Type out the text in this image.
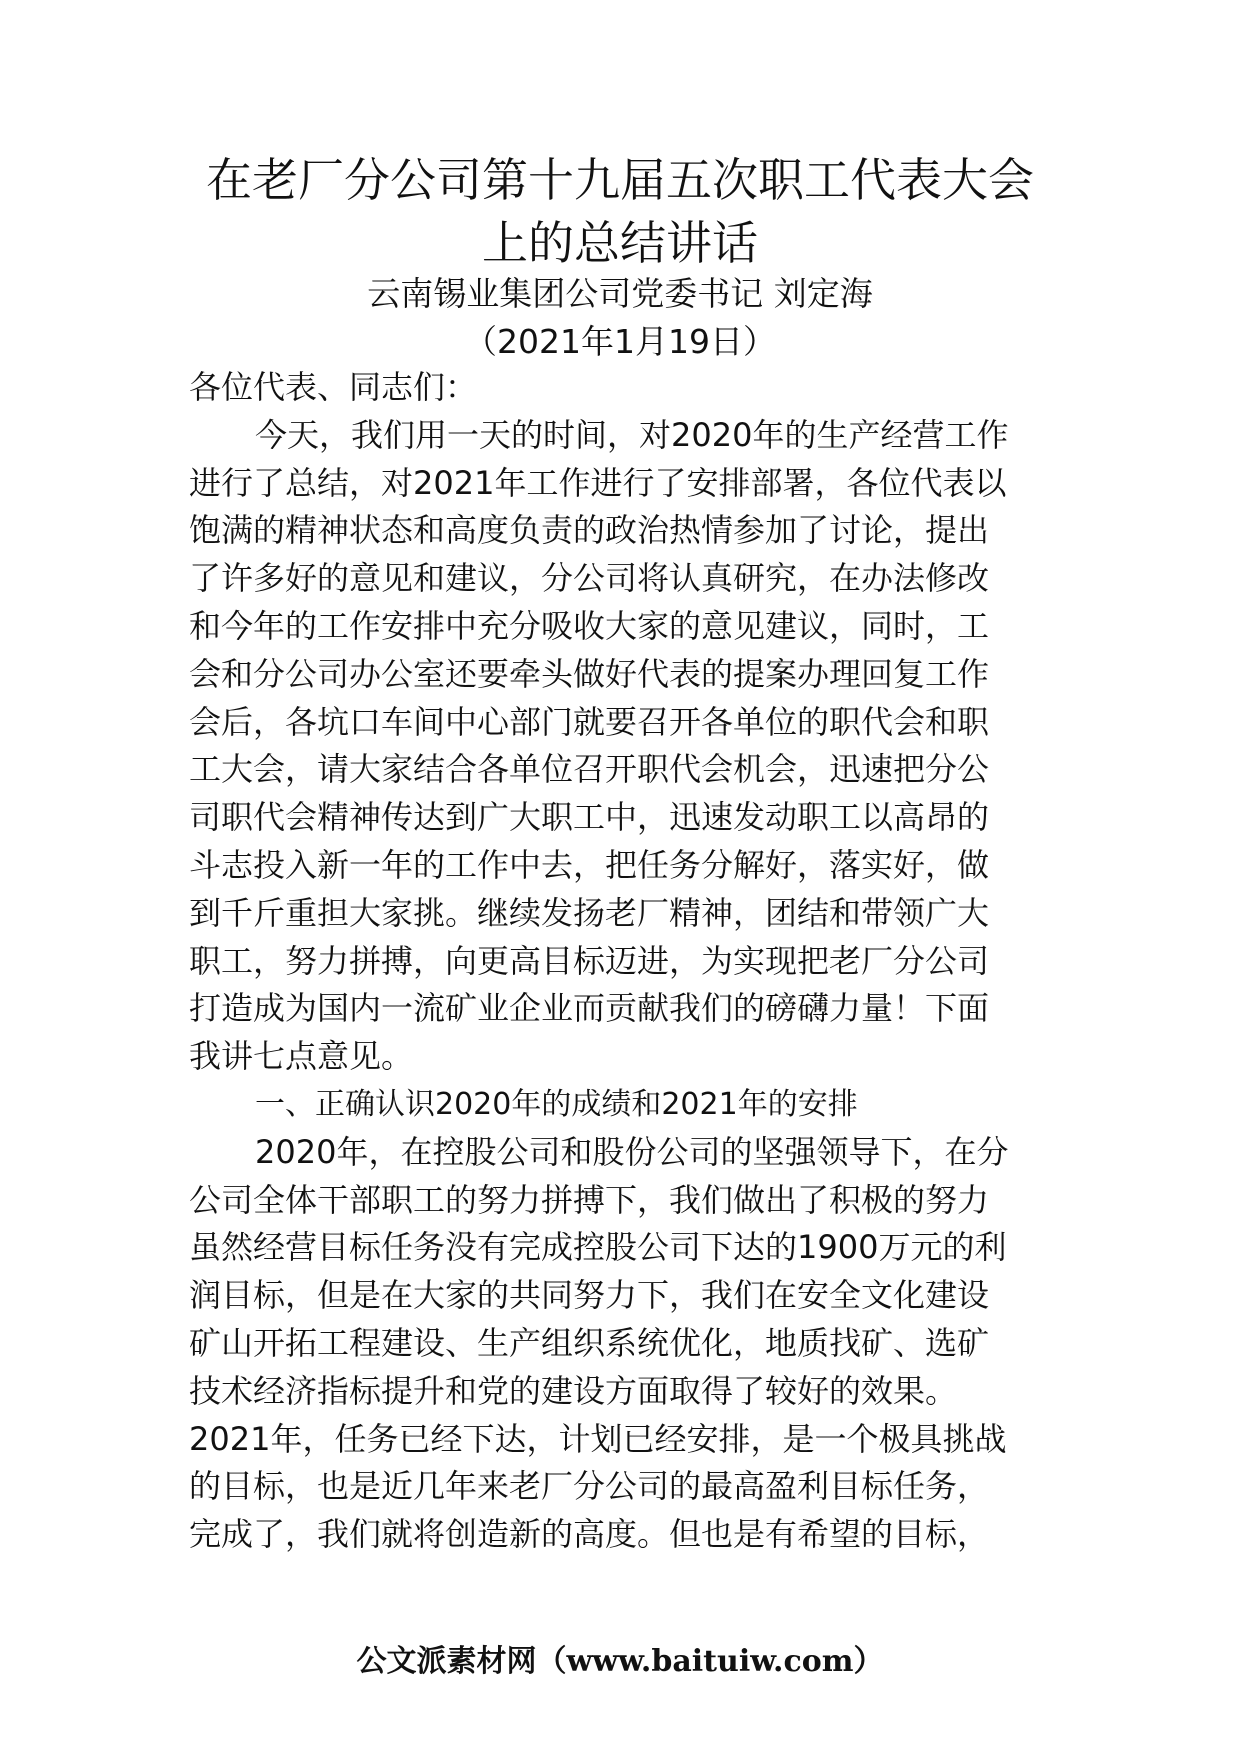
在老厂分公司第十九届五次职工代表大会
上的总结讲话
云南锡业集团公司党委书记 刘定海
（2021年1月19日）
各位代表、同志们：
今天，我们用一天的时间，对2020年的生产经营工作
进行了总结，对2021年工作进行了安排部署，各位代表以
饱满的精神状态和高度负责的政治热情参加了讨论，提出
了许多好的意见和建议，分公司将认真研究，在办法修改
和今年的工作安排中充分吸收大家的意见建议，同时，工
会和分公司办公室还要牵头做好代表的提案办理回复工作
会后，各坑口车间中心部门就要召开各单位的职代会和职
工大会，请大家结合各单位召开职代会机会，迅速把分公
司职代会精神传达到广大职工中，迅速发动职工以高昂的
斗志投入新一年的工作中去，把任务分解好，落实好，做
到千斤重担大家挑。继续发扬老厂精神，团结和带领广大
职工，努力拼搏，向更高目标迈进，为实现把老厂分公司
打造成为国内一流矿业企业而贡献我们的磅礴力量！下面
我讲七点意见。
一、正确认识2020年的成绩和2021年的安排
2020年，在控股公司和股份公司的坚强领导下，在分
公司全体干部职工的努力拼搏下，我们做出了积极的努力
虽然经营目标任务没有完成控股公司下达的1900万元的利
润目标，但是在大家的共同努力下，我们在安全文化建设
矿山开拓工程建设、生产组织系统优化，地质找矿、选矿
技术经济指标提升和党的建设方面取得了较好的效果。
2021年，任务已经下达，计划已经安排，是一个极具挑战
的目标，也是近几年来老厂分公司的最高盈利目标任务，
完成了，我们就将创造新的高度。但也是有希望的目标，
公文派素材网（www.baituiw.com）
